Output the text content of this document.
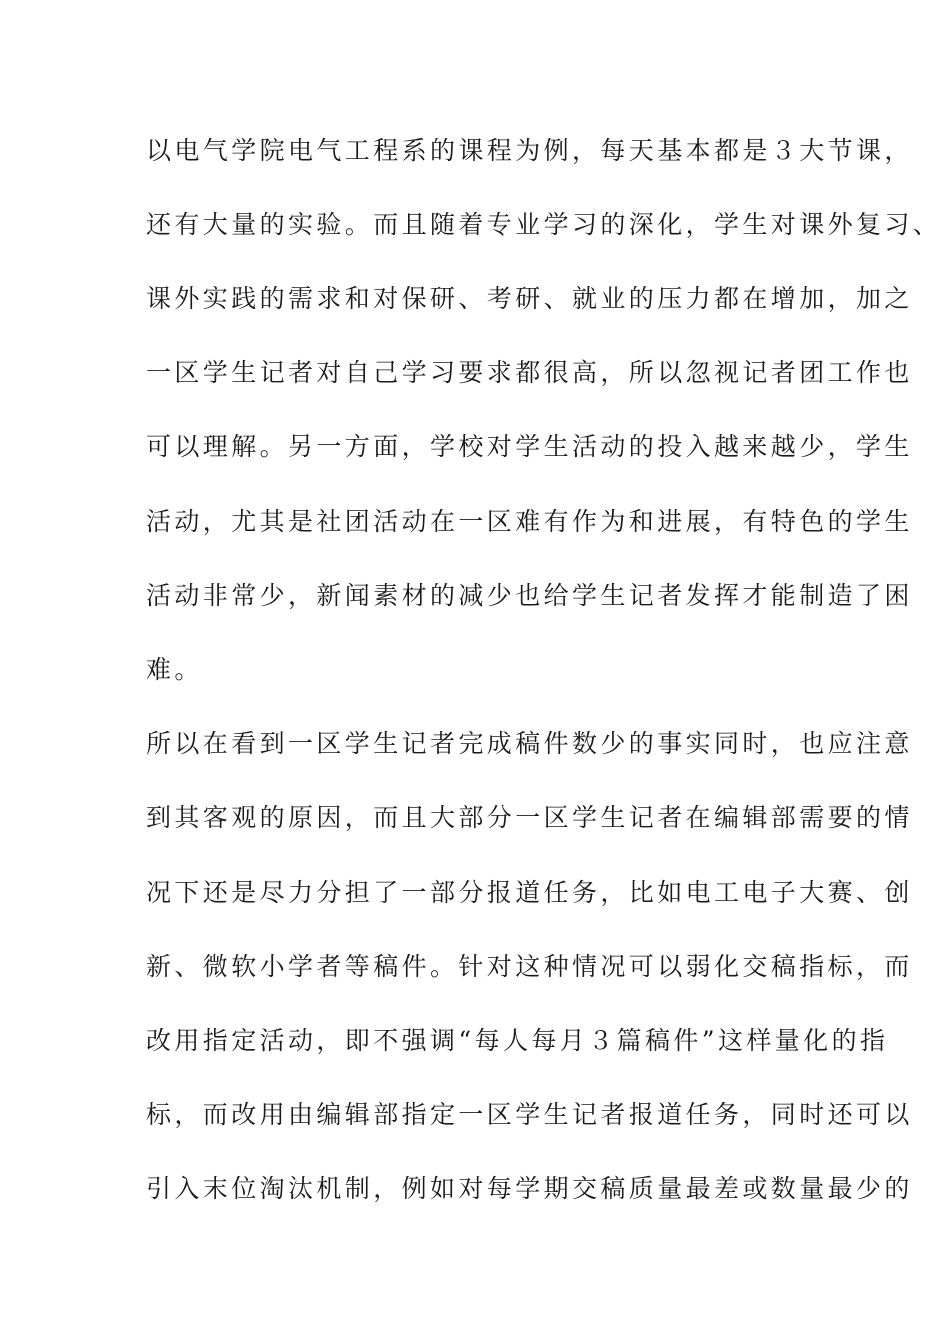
以电气学院电气工程系的课程为例，每天基本都是３大节课，
还有大量的实验。而且随着专业学习的深化，学生对课外复习、
课外实践的需求和对保研、考研、就业的压力都在增加，加之
一区学生记者对自己学习要求都很高，所以忽视记者团工作也
可以理解。另一方面，学校对学生活动的投入越来越少，学生
活动，尤其是社团活动在一区难有作为和进展，有特色的学生
活动非常少，新闻素材的减少也给学生记者发挥才能制造了困
难。
所以在看到一区学生记者完成稿件数少的事实同时，也应注意
到其客观的原因，而且大部分一区学生记者在编辑部需要的情
况下还是尽力分担了一部分报道任务，比如电工电子大赛、创
新、微软小学者等稿件。针对这种情况可以弱化交稿指标，而
改用指定活动，即不强调“每人每月３篇稿件”这样量化的指
标，而改用由编辑部指定一区学生记者报道任务，同时还可以
引入末位淘汰机制，例如对每学期交稿质量最差或数量最少的
